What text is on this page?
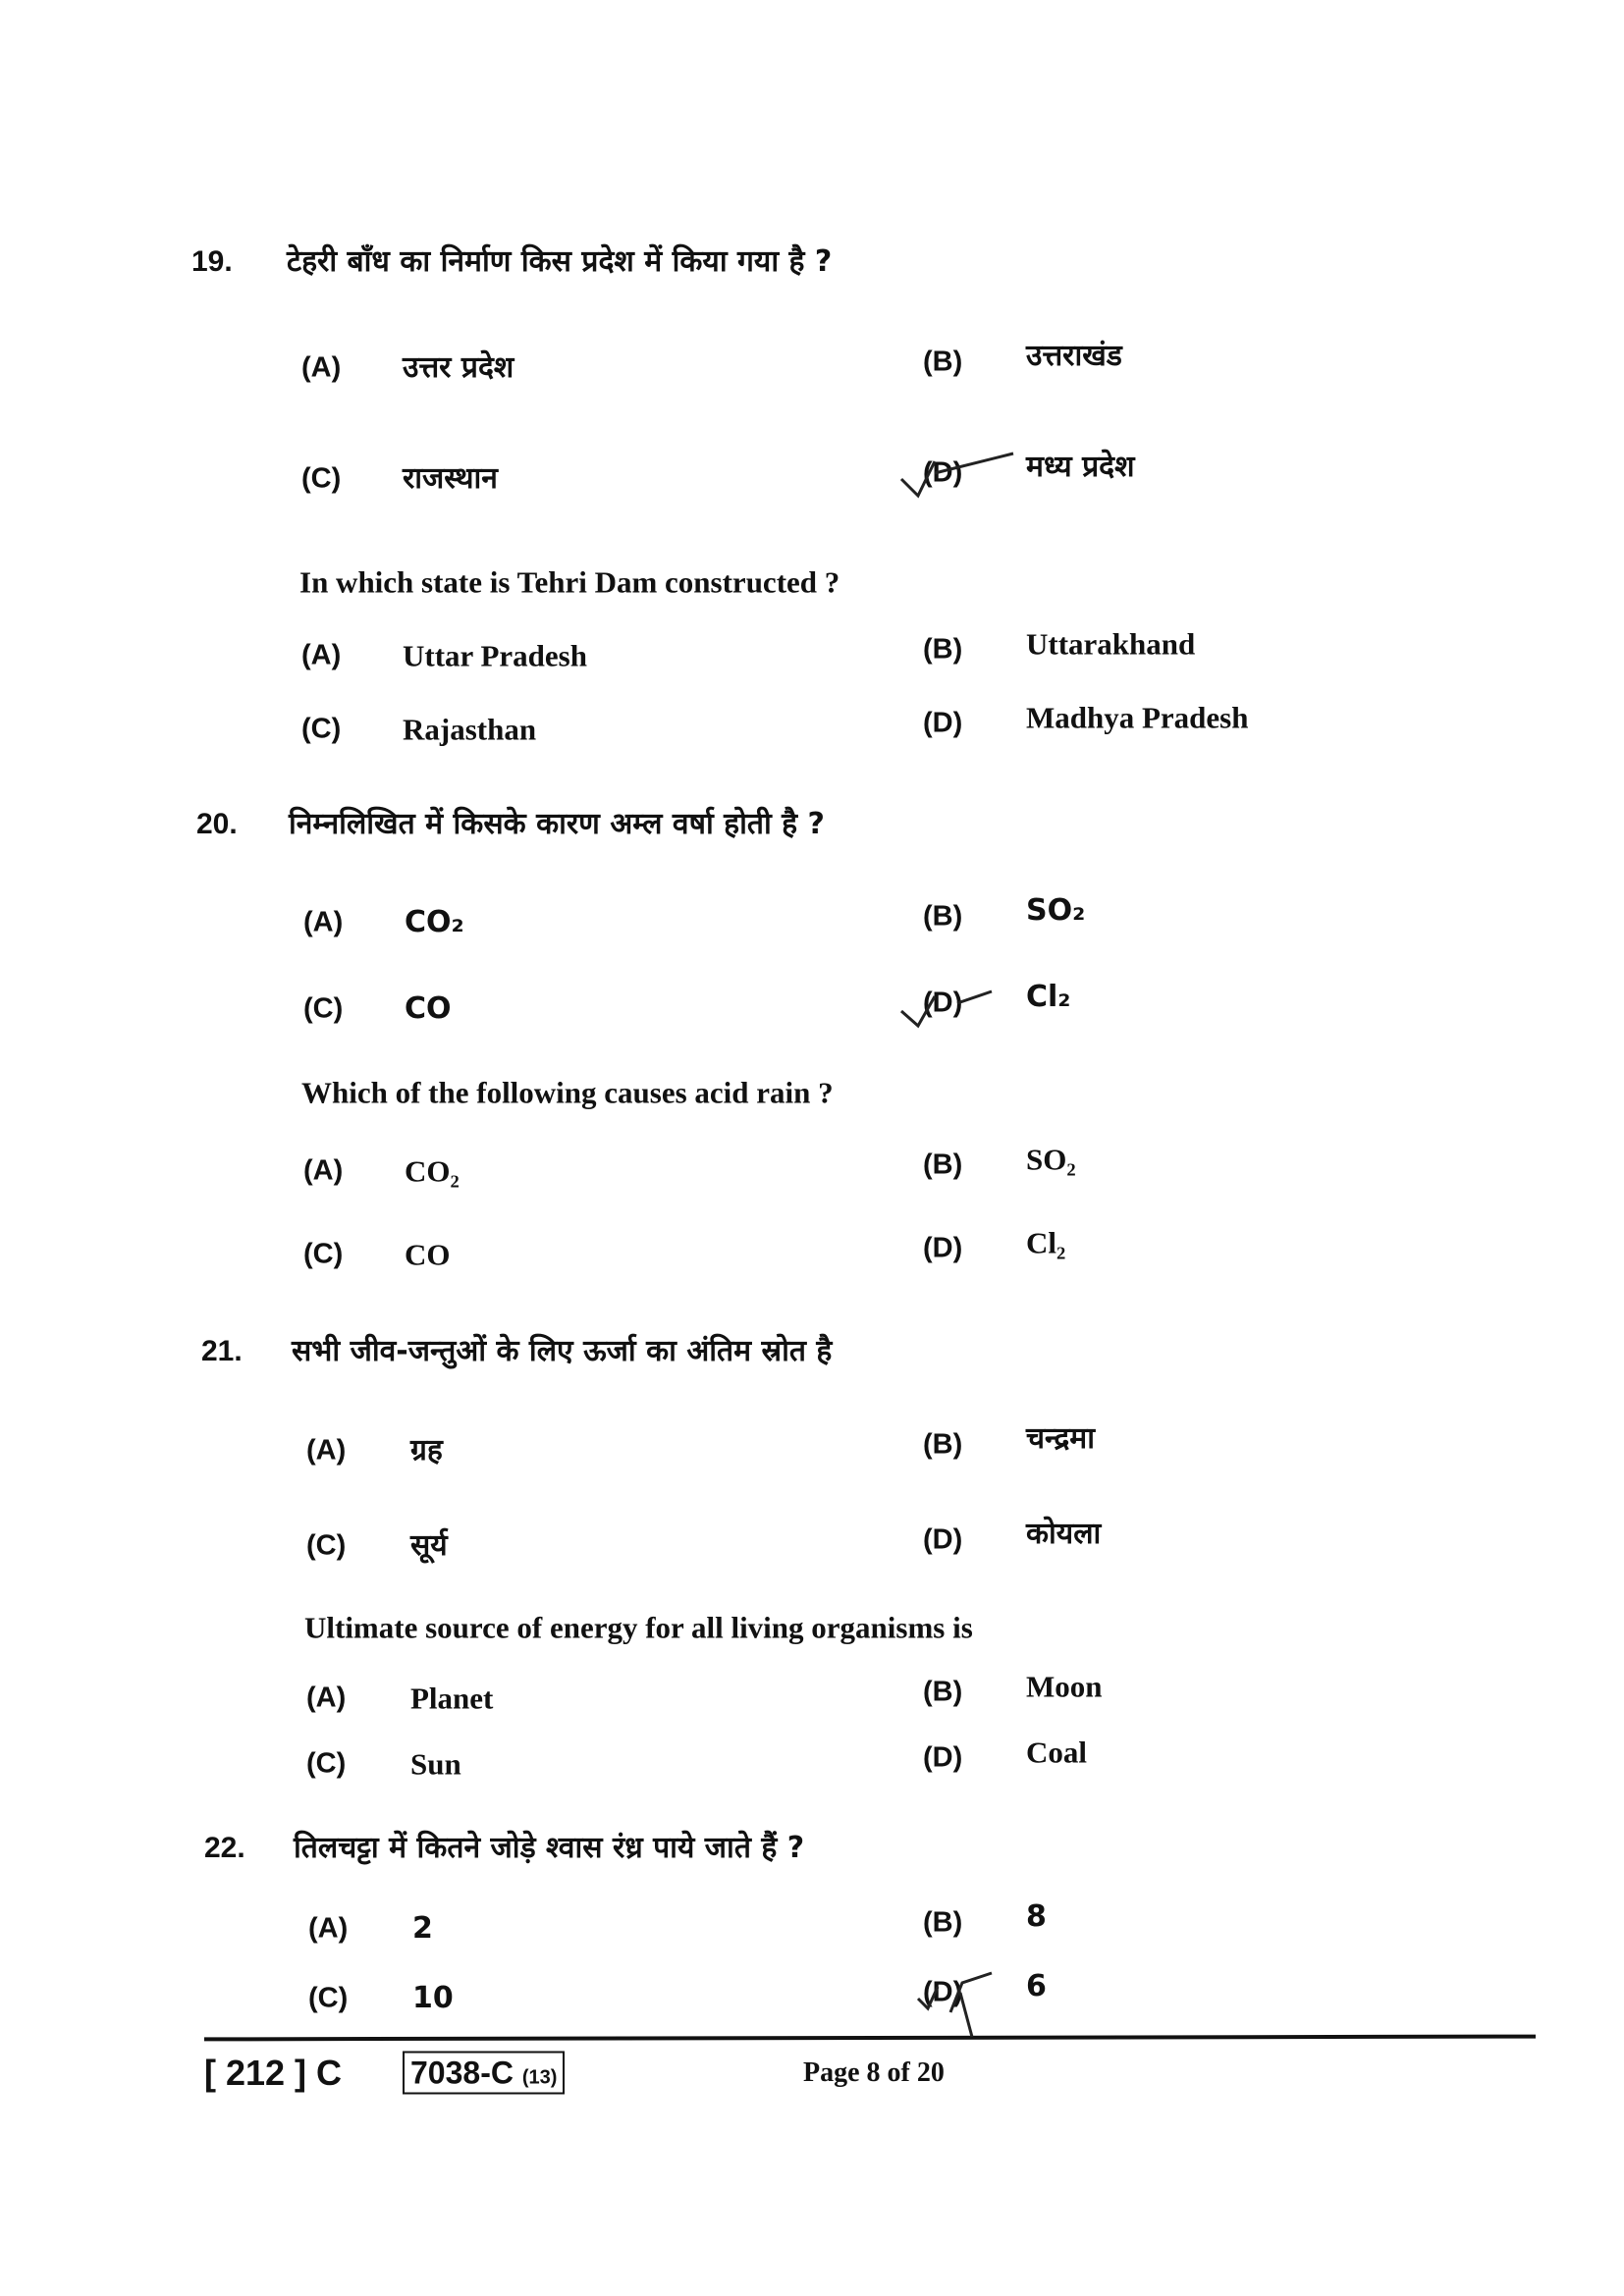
19. टेहरी बाँध का निर्माण किस प्रदेश में किया गया है ?
(A) उत्तर प्रदेश	(B) उत्तराखंड
(C) राजस्थान	(D) मध्य प्रदेश
In which state is Tehri Dam constructed ?
(A) Uttar Pradesh	(B) Uttarakhand
(C) Rajasthan	(D) Madhya Pradesh
20. निम्नलिखित में किसके कारण अम्ल वर्षा होती है ?
(A) CO₂	(B) SO₂
(C) CO	(D) Cl₂
Which of the following causes acid rain ?
(A) CO₂	(B) SO₂
(C) CO	(D) Cl₂
21. सभी जीव-जन्तुओं के लिए ऊर्जा का अंतिम स्रोत है
(A) ग्रह	(B) चन्द्रमा
(C) सूर्य	(D) कोयला
Ultimate source of energy for all living organisms is
(A) Planet	(B) Moon
(C) Sun	(D) Coal
22. तिलचट्टा में कितने जोड़े श्वास रंध्र पाये जाते हैं ?
(A) 2	(B) 8
(C) 10	(D) 6
[ 212 ] C 7038-C (13)	Page 8 of 20
